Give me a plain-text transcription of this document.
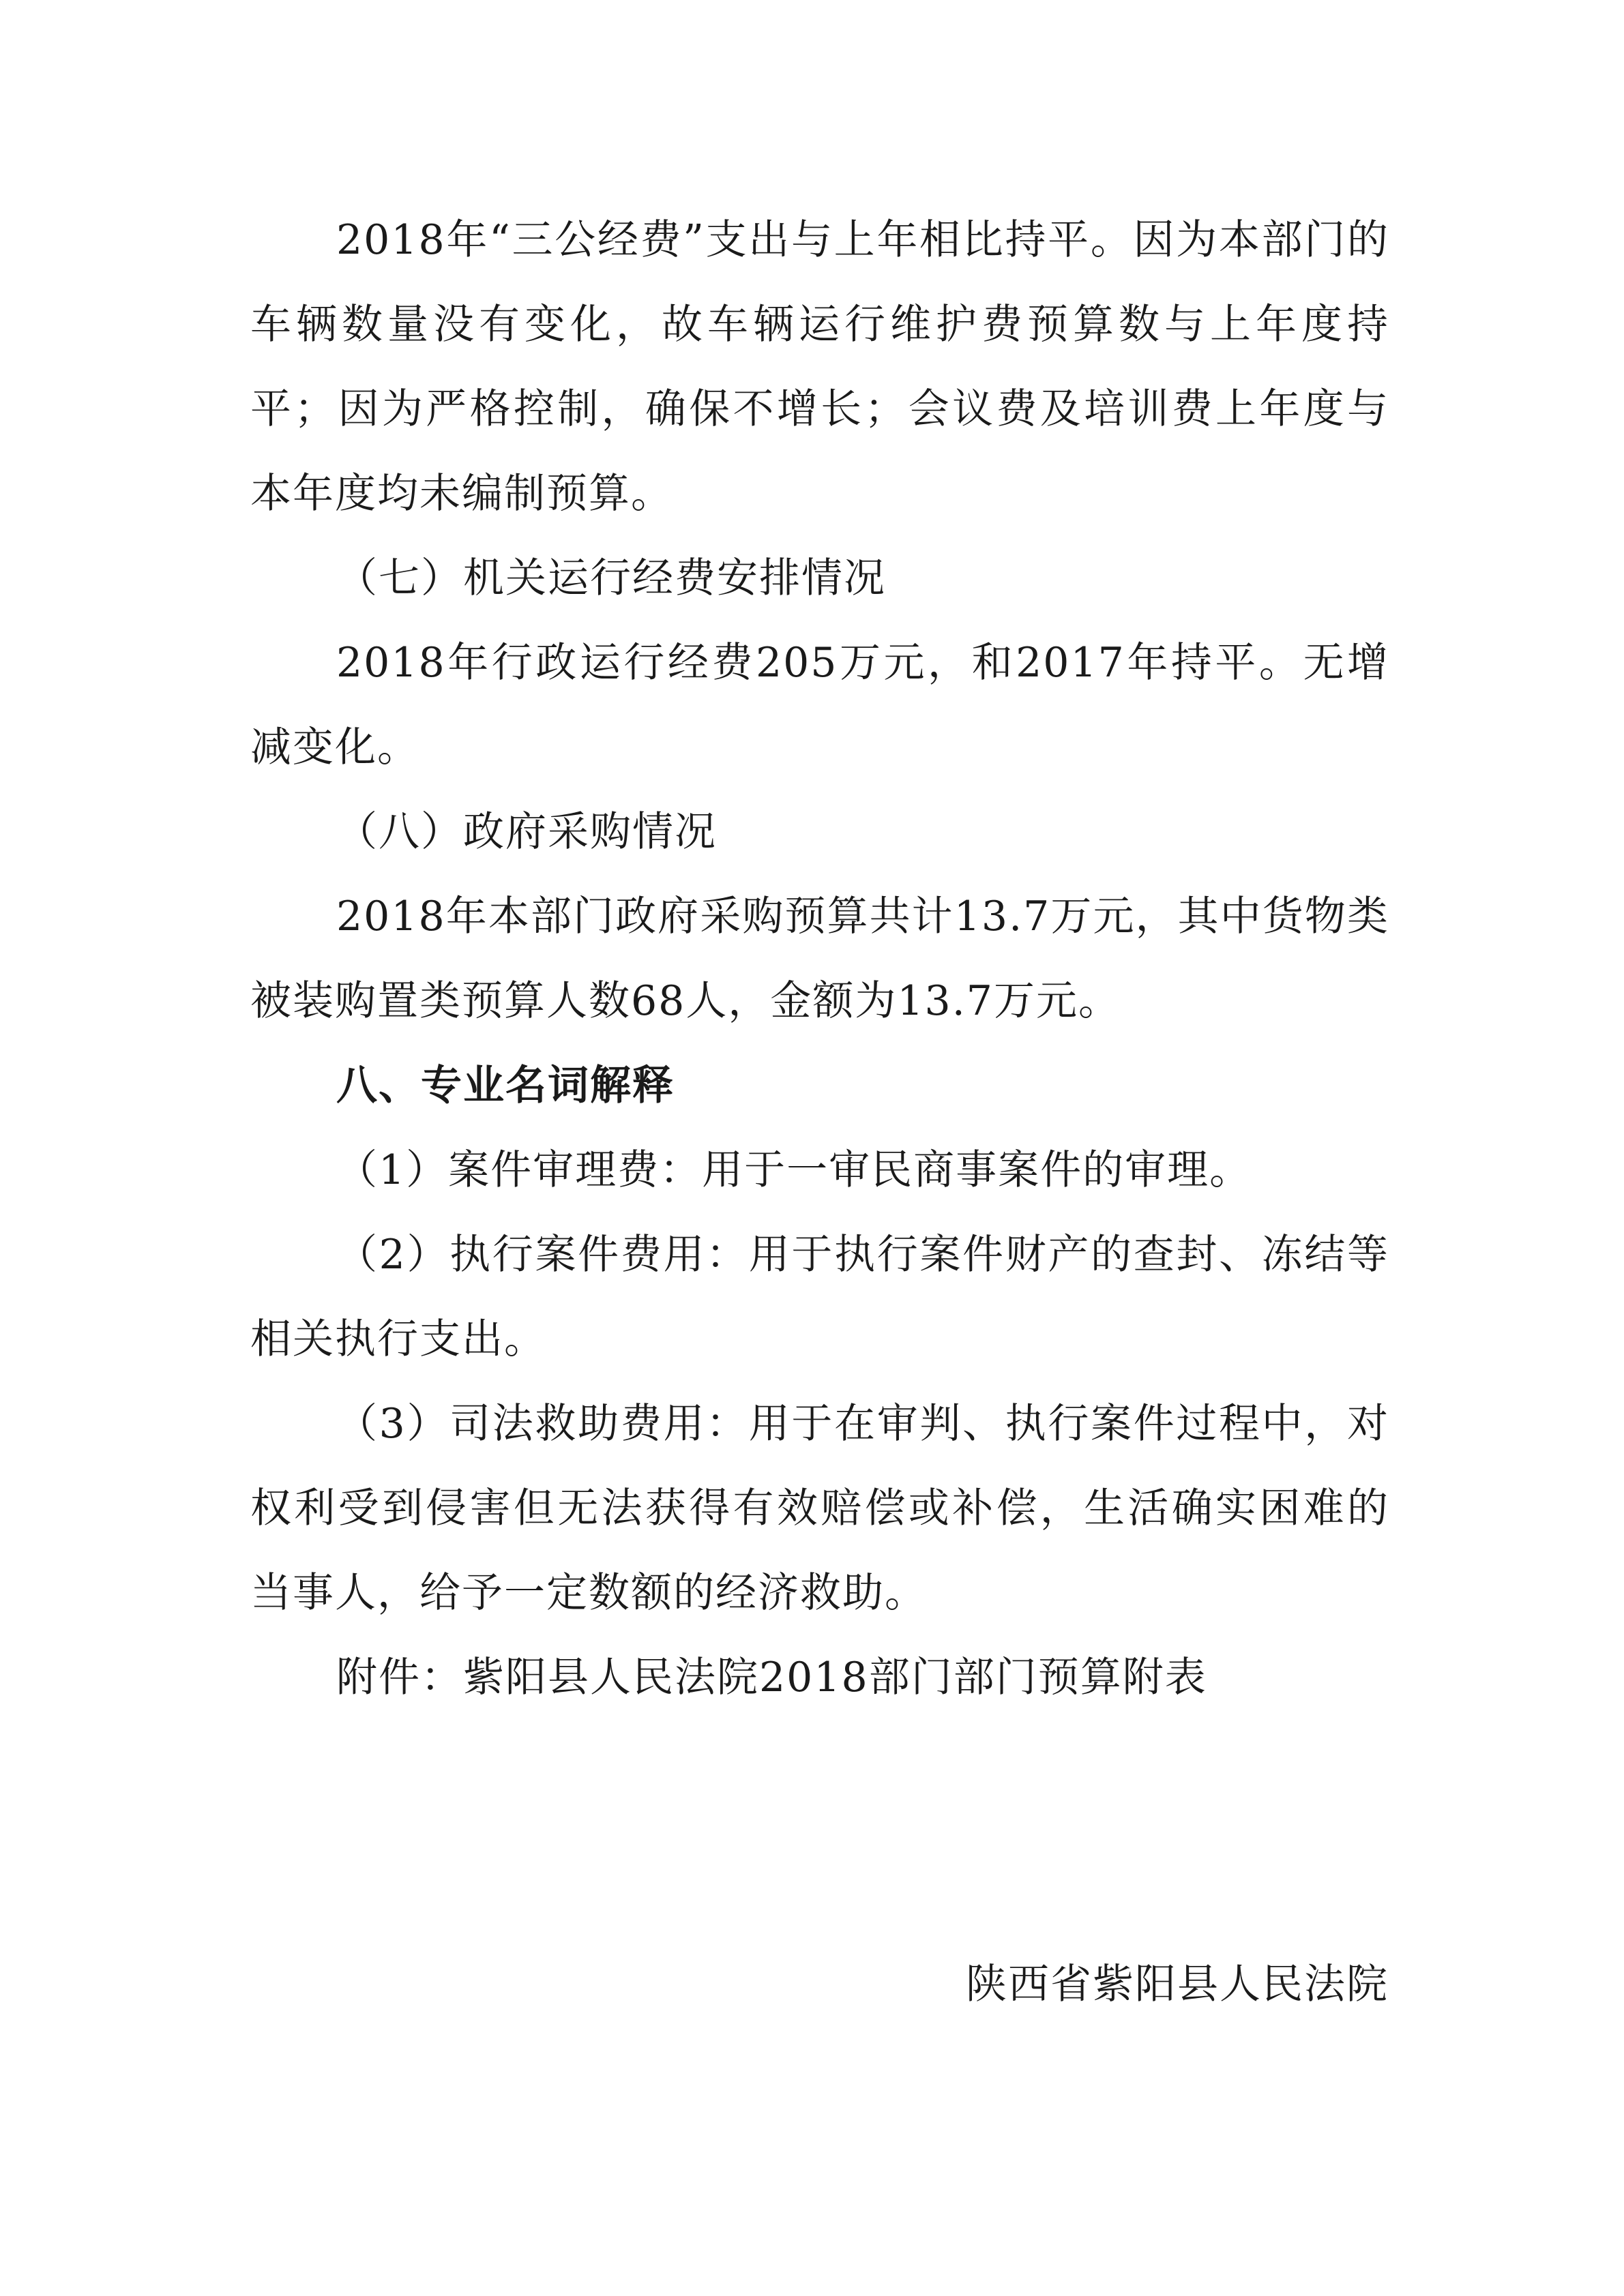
2018年“三公经费”支出与上年相比持平。因为本部门的车辆数量没有变化，故车辆运行维护费预算数与上年度持平；因为严格控制，确保不增长；会议费及培训费上年度与本年度均未编制预算。

（七）机关运行经费安排情况

2018年行政运行经费205万元，和2017年持平。无增减变化。

（八）政府采购情况

2018年本部门政府采购预算共计13.7万元，其中货物类被装购置类预算人数68人，金额为13.7万元。

八、专业名词解释

（1）案件审理费：用于一审民商事案件的审理。

（2）执行案件费用：用于执行案件财产的查封、冻结等相关执行支出。

（3）司法救助费用：用于在审判、执行案件过程中，对权利受到侵害但无法获得有效赔偿或补偿，生活确实困难的当事人，给予一定数额的经济救助。

附件：紫阳县人民法院2018部门部门预算附表

陕西省紫阳县人民法院
